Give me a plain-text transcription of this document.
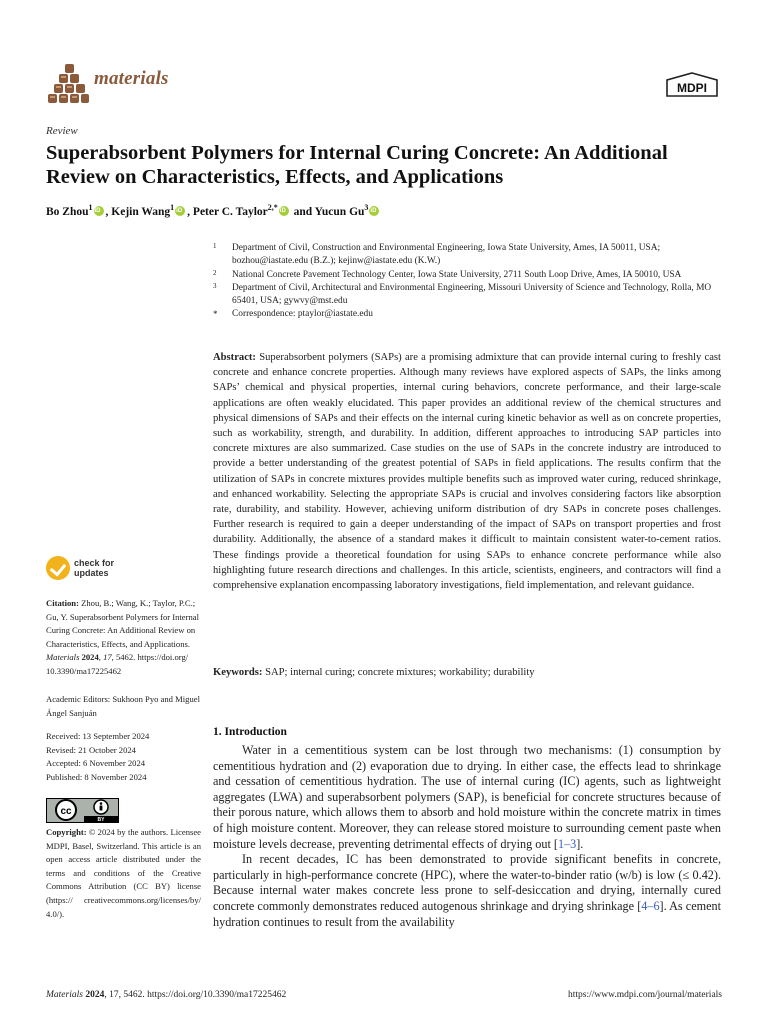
materials	MDPI
Review
Superabsorbent Polymers for Internal Curing Concrete: An Additional Review on Characteristics, Effects, and Applications
Bo Zhou$^1$ iD , Kejin Wang$^1$ iD , Peter C. Taylor$^{2,*}$iD and Yucun Gu$^3$iD
1 Department of Civil, Construction and Environmental Engineering, Iowa State University, Ames, IA 50011, USA; bozhou@iastate.edu (B.Z.); kejinw@iastate.edu (K.W.)
2 National Concrete Pavement Technology Center, Iowa State University, 2711 South Loop Drive, Ames, IA 50010, USA
3 Department of Civil, Architectural and Environmental Engineering, Missouri University of Science and Technology, Rolla, MO 65401, USA; gywvy@mst.edu
* Correspondence: ptaylor@iastate.edu
Abstract: Superabsorbent polymers (SAPs) are a promising admixture that can provide internal curing to freshly cast concrete and enhance concrete properties. Although many reviews have explored aspects of SAPs, the links among SAPs’ chemical and physical properties, internal curing behaviors, concrete performance, and their large-scale applications are often weakly elucidated. This paper provides an additional review of the chemical structures and physical dimensions of SAPs and their effects on the internal curing kinetic behavior as well as on concrete properties, such as workability, strength, and durability. In addition, different approaches to introducing SAP particles into concrete mixtures are also summarized. Case studies on the use of SAPs in the concrete industry are introduced to provide a better understanding of the greatest potential of SAPs in field applications. The results confirm that the utilization of SAPs in concrete mixtures provides multiple benefits such as improved water curing, reduced shrinkage, and enhanced workability. Selecting the appropriate SAPs is crucial and involves considering factors like absorption rate, durability, and stability. However, achieving uniform distribution of dry SAPs in concrete poses challenges. Further research is required to gain a deeper understanding of the impact of SAPs on transport properties and frost durability. Additionally, the absence of a standard makes it difficult to maintain consistent water-to-cement ratios. These findings provide a theoretical foundation for using SAPs to enhance concrete performance while also highlighting future research directions and challenges. In this article, scientists, engineers, and contractors will find a comprehensive explanation encompassing laboratory investigations, field implementation, and relevant guidance.
Keywords: SAP; internal curing; concrete mixtures; workability; durability
check for
updates
Citation: Zhou, B.; Wang, K.; Taylor, P.C.; Gu, Y. Superabsorbent Polymers for Internal Curing Concrete: An Additional Review on Characteristics, Effects, and Applications. Materials 2024, 17, 5462. https://doi.org/ 10.3390/ma17225462
Academic Editors: Sukhoon Pyo and Miguel Ángel Sanjuán
Received: 13 September 2024
Revised: 21 October 2024
Accepted: 6 November 2024
Published: 8 November 2024
cc
BY
Copyright: © 2024 by the authors. Licensee MDPI, Basel, Switzerland. This article is an open access article distributed under the terms and conditions of the Creative Commons Attribution (CC BY) license (https:// creativecommons.org/licenses/by/ 4.0/).
1. Introduction

Water in a cementitious system can be lost through two mechanisms: (1) consumption by cementitious hydration and (2) evaporation due to drying. In either case, the effects lead to shrinkage and cessation of cementitious hydration. The use of internal curing (IC) agents, such as lightweight aggregates (LWA) and superabsorbent polymers (SAP), is beneficial for concrete structures because of their porous nature, which allows them to absorb and hold moisture within the concrete matrix in times of high moisture content. Moreover, they can release stored moisture to surrounding cement paste when moisture levels decrease, preventing detrimental effects of drying out [1–3].

In recent decades, IC has been demonstrated to provide significant benefits in concrete, particularly in high-performance concrete (HPC), where the water-to-binder ratio (w/b) is low (≤ 0.42). Because internal water makes concrete less prone to self-desiccation and drying, internally cured concrete commonly demonstrates reduced autogenous shrinkage and drying shrinkage [4–6]. As cement hydration continues to result from the availability

Materials 2024, 17, 5462. https://doi.org/10.3390/ma17225462	https://www.mdpi.com/journal/materials
